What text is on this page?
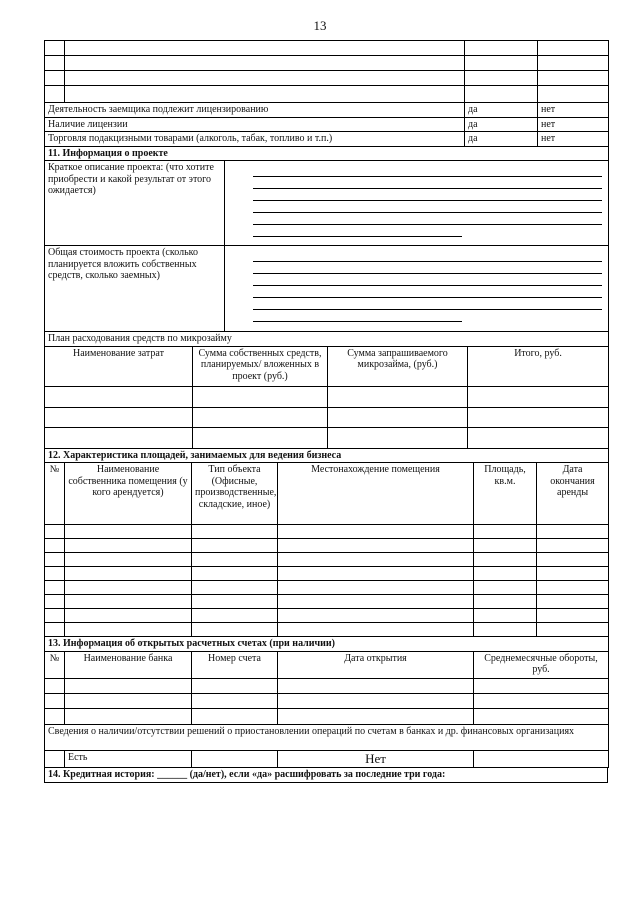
13

Деятельность заемщика подлежит лицензированию		да	нет
Наличие лицензии		да	нет
Торговля подакцизными товарами (алкоголь, табак, топливо и т.п.)		да	нет
11. Информация о проекте	
Краткое описание проекта: (что хотите приобрести и какой результат от этого ожидается)	

Общая стоимость проекта (сколько планируется вложить собственных средств, сколько заемных)	
План расходования средств по микрозайму			
Наименование затрат	Сумма собственных средств, планируемых/ вложенных в проект (руб.)	Сумма запрашиваемого микрозайма, (руб.)	Итого, руб.

12. Характеристика площадей, занимаемых для ведения бизнеса					
№	Наименование собственника помещения (у кого арендуется)	Тип объекта (Офисные, производственные, складские, иное)	Местонахождение помещения	Площадь, кв.м.	Дата окончания аренды

13. Информация об открытых расчетных счетах (при наличии)				
№	Наименование банка	Номер счета	Дата открытия	Среднемесячные обороты, руб.

Сведения о наличии/отсутствии решений о приостановлении операций по счетам в банках и др. финансовых организациях				
	Есть		Нет	
14. Кредитная история: ______ (да/нет), если «да» расшифровать за последние три года:
